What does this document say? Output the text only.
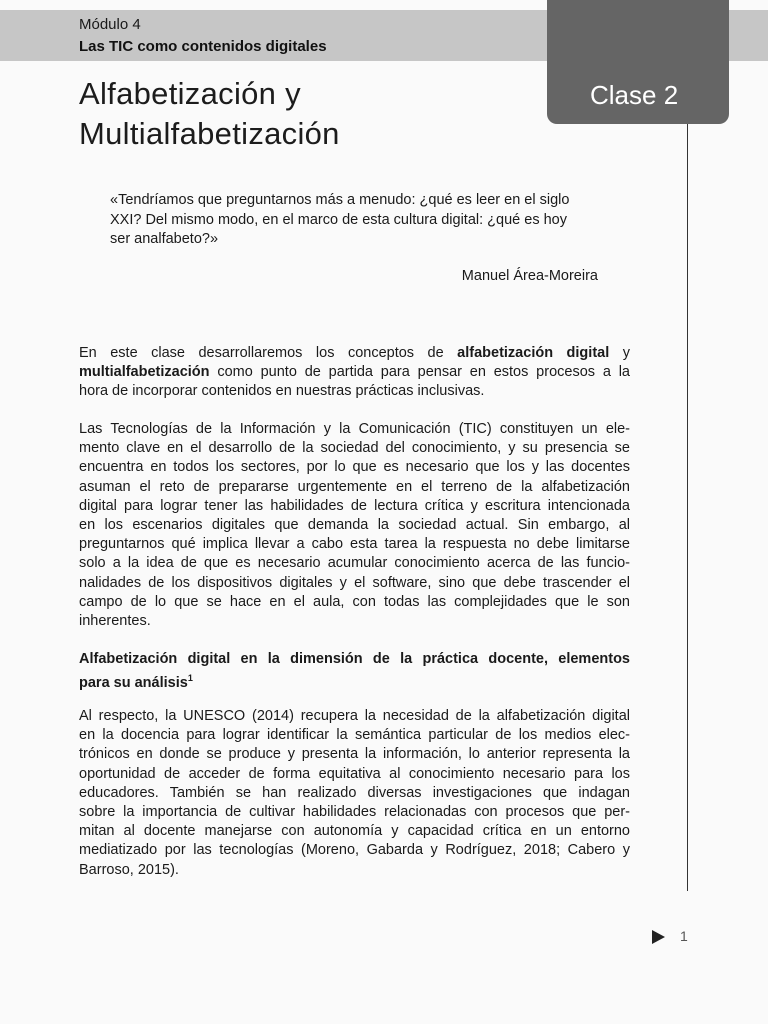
Módulo 4
Las TIC como contenidos digitales
Clase 2
Alfabetización y
Multialfabetización
«Tendríamos que preguntarnos más a menudo: ¿qué es leer en el siglo
XXI? Del mismo modo, en el marco de esta cultura digital: ¿qué es hoy
ser analfabeto?»
Manuel Área-Moreira
En este clase desarrollaremos los conceptos de alfabetización digital y
multialfabetización como punto de partida para pensar en estos procesos a la
hora de incorporar contenidos en nuestras prácticas inclusivas.
Las Tecnologías de la Información y la Comunicación (TIC) constituyen un ele-
mento clave en el desarrollo de la sociedad del conocimiento, y su presencia se
encuentra en todos los sectores, por lo que es necesario que los y las docentes
asuman el reto de prepararse urgentemente en el terreno de la alfabetización
digital para lograr tener las habilidades de lectura crítica y escritura intencionada
en los escenarios digitales que demanda la sociedad actual. Sin embargo, al
preguntarnos qué implica llevar a cabo esta tarea la respuesta no debe limitarse
solo a la idea de que es necesario acumular conocimiento acerca de las funcio-
nalidades de los dispositivos digitales y el software, sino que debe trascender el
campo de lo que se hace en el aula, con todas las complejidades que le son
inherentes.
Alfabetización digital en la dimensión de la práctica docente, elementos
para su análisis$^1$
Al respecto, la UNESCO (2014) recupera la necesidad de la alfabetización digital
en la docencia para lograr identificar la semántica particular de los medios elec-
trónicos en donde se produce y presenta la información, lo anterior representa la
oportunidad de acceder de forma equitativa al conocimiento necesario para los
educadores. También se han realizado diversas investigaciones que indagan
sobre la importancia de cultivar habilidades relacionadas con procesos que per-
mitan al docente manejarse con autonomía y capacidad crítica en un entorno
mediatizado por las tecnologías (Moreno, Gabarda y Rodríguez, 2018; Cabero y
Barroso, 2015).
1
